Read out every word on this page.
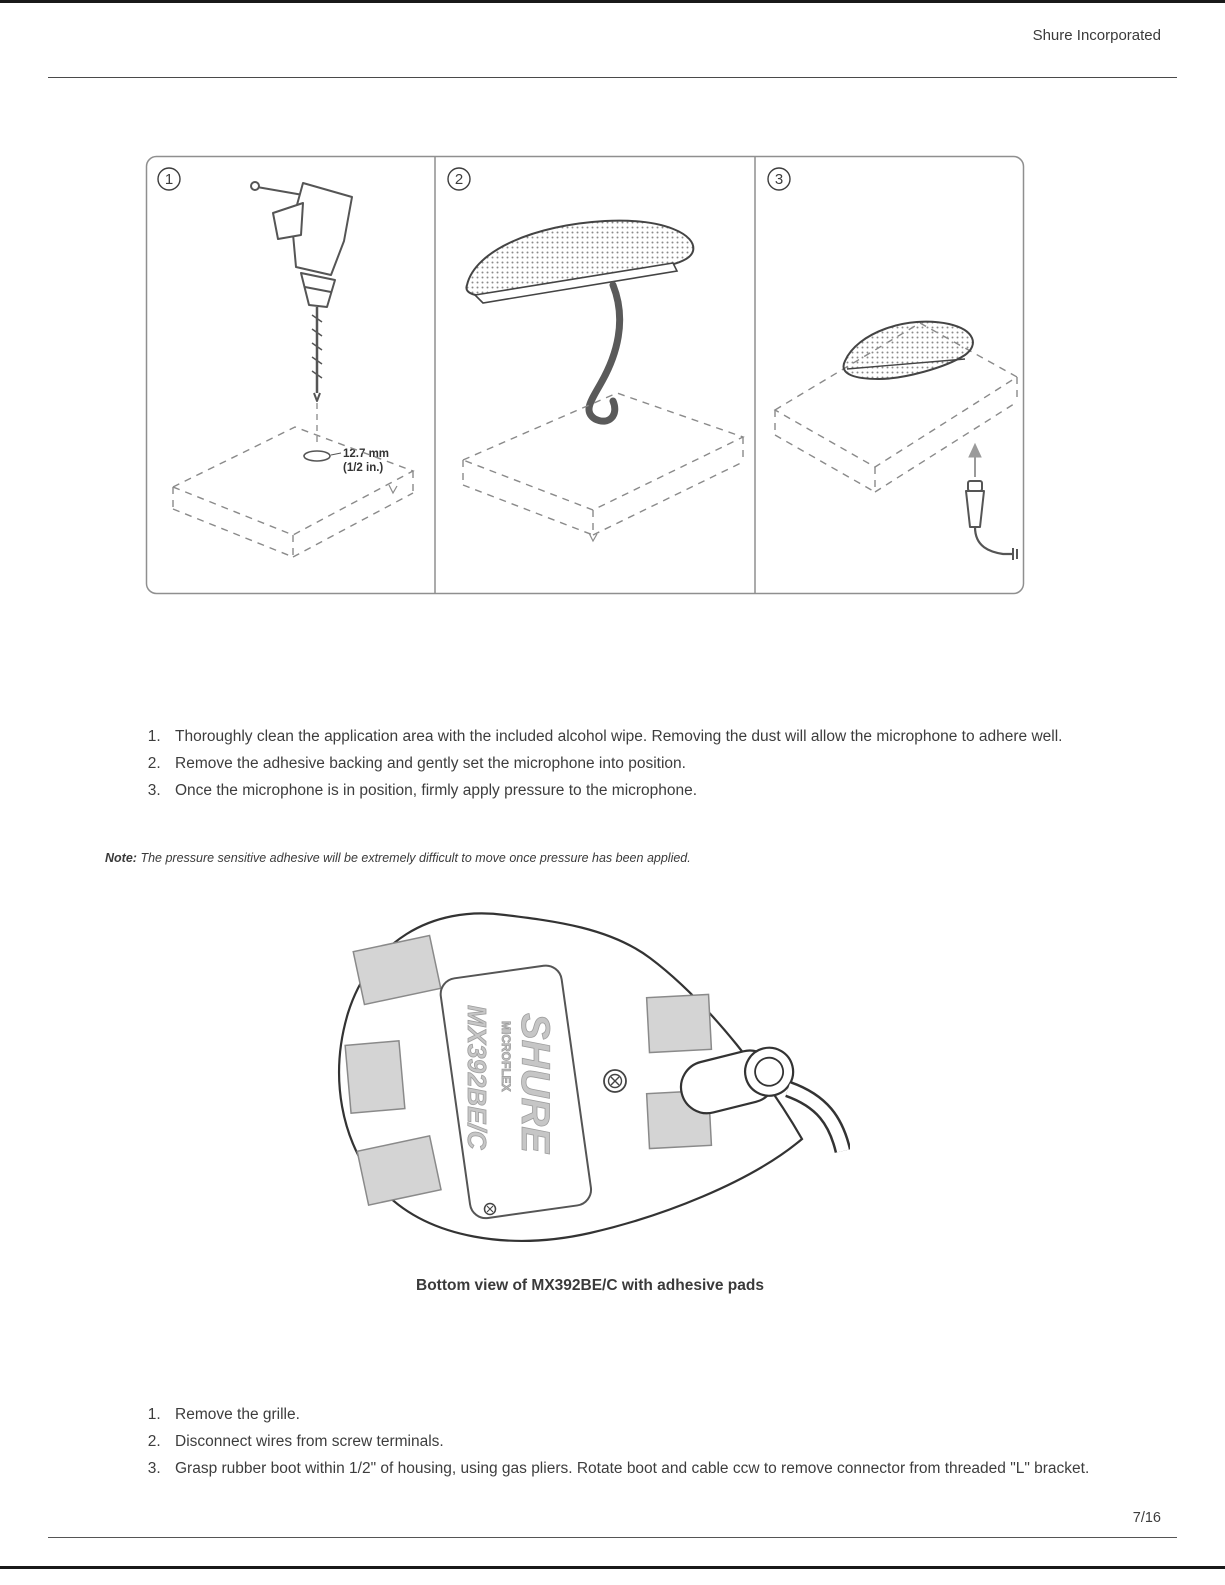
Shure Incorporated
1	2	3
12.7 mm
(1/2 in.)
1. Thoroughly clean the application area with the included alcohol wipe. Removing the dust will allow the microphone to adhere well.
2. Remove the adhesive backing and gently set the microphone into position.
3. Once the microphone is in position, firmly apply pressure to the microphone.

Note: The pressure sensitive adhesive will be extremely difficult to move once pressure has been applied.

MX392BE/C MICROFLEX SHURE
Bottom view of MX392BE/C with adhesive pads
1. Remove the grille.
2. Disconnect wires from screw terminals.
3. Grasp rubber boot within 1/2" of housing, using gas pliers. Rotate boot and cable ccw to remove connector from threaded "L" bracket.
7/16
